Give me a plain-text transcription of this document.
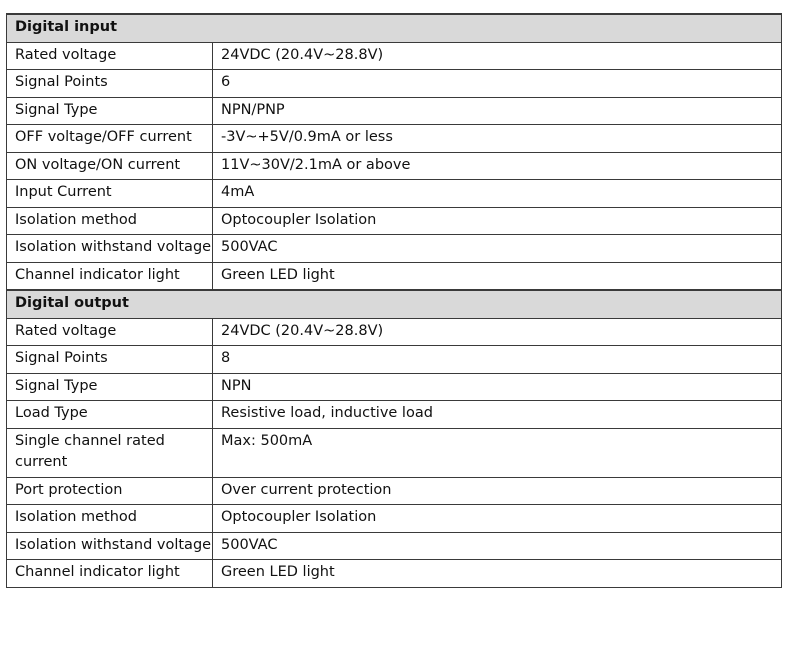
Digital input	
Rated voltage	24VDC (20.4V~28.8V)
Signal Points	6
Signal Type	NPN/PNP
OFF voltage/OFF current	-3V~+5V/0.9mA or less
ON voltage/ON current	11V~30V/2.1mA or above
Input Current	4mA
Isolation method	Optocoupler Isolation
Isolation withstand voltage	500VAC
Channel indicator light	Green LED light
Digital output	
Rated voltage	24VDC (20.4V~28.8V)
Signal Points	8
Signal Type	NPN
Load Type	Resistive load, inductive load
Single channel rated current	Max: 500mA
Port protection	Over current protection
Isolation method	Optocoupler Isolation
Isolation withstand voltage	500VAC
Channel indicator light	Green LED light
